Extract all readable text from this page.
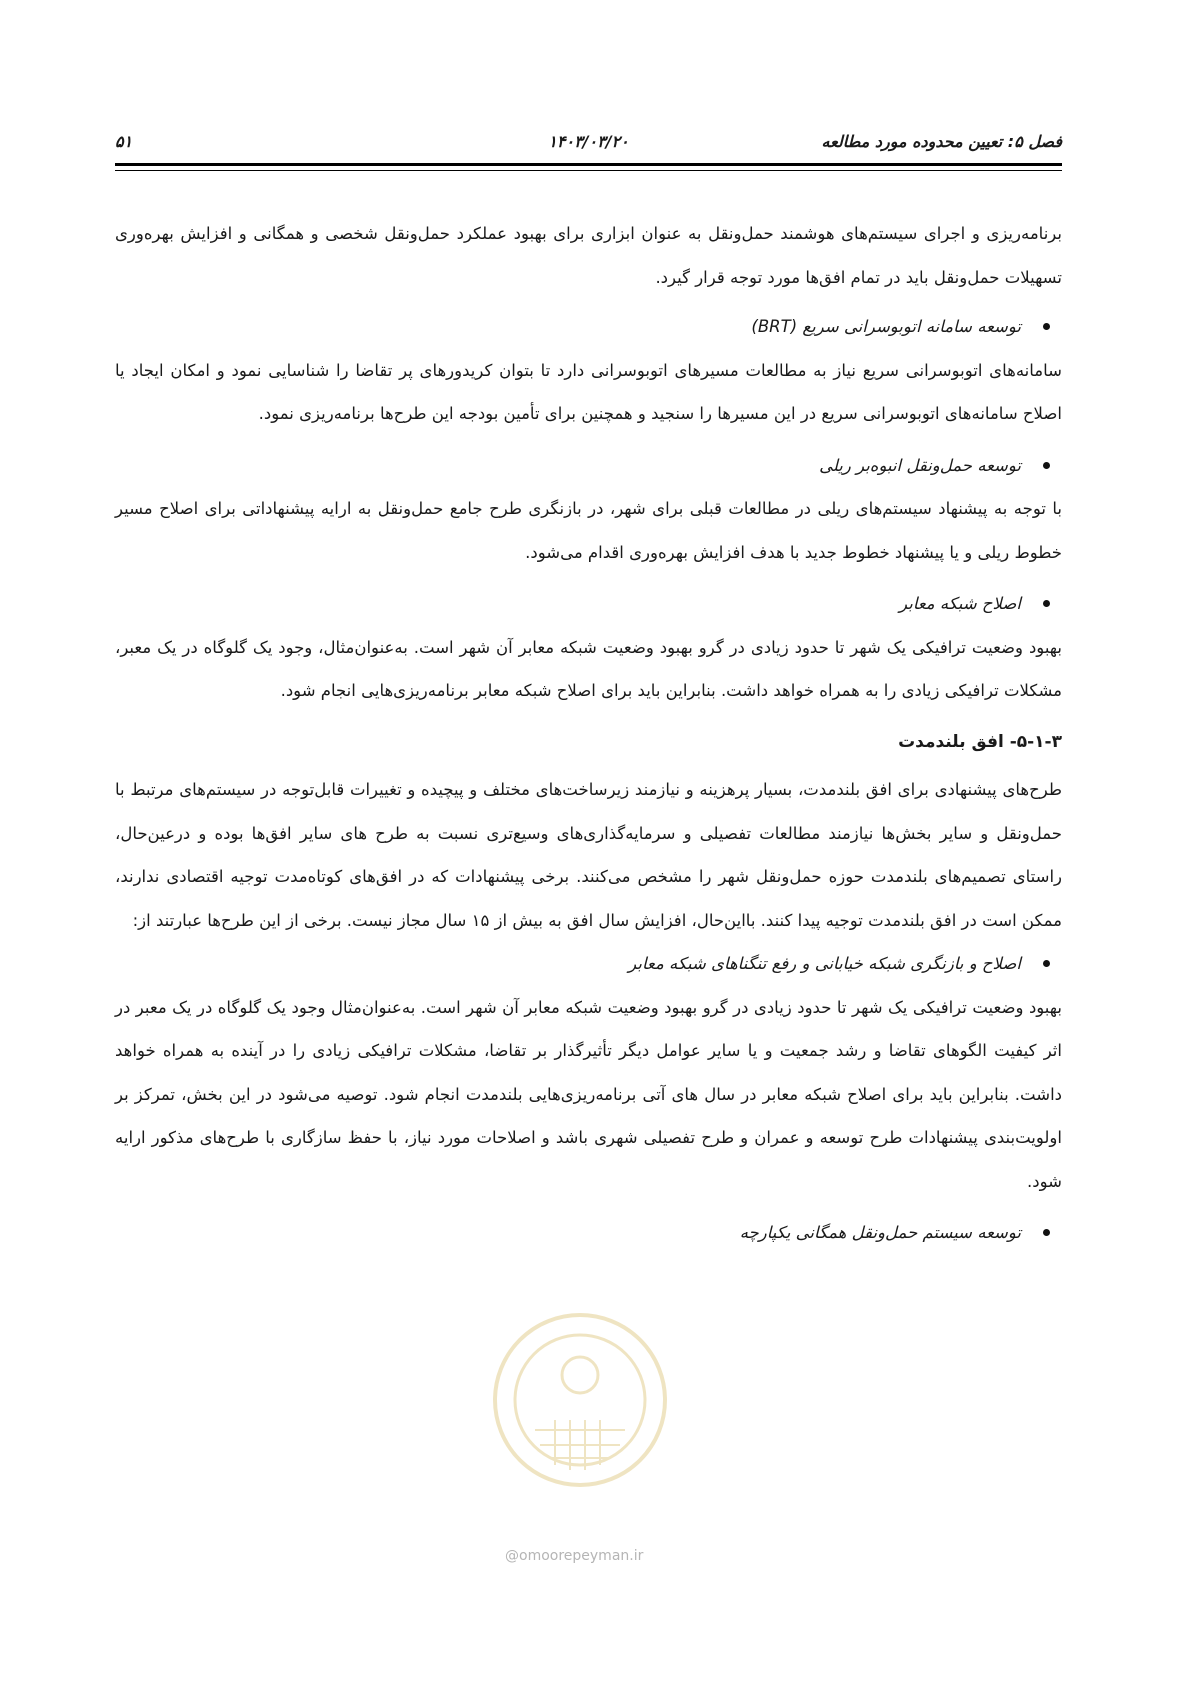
فصل ۵: تعیین محدوده مورد مطالعه
۱۴۰۳/۰۳/۲۰
۵۱

برنامه‌ریزی و اجرای سیستم‌های هوشمند حمل‌ونقل به عنوان ابزاری برای بهبود عملکرد حمل‌ونقل شخصی و همگانی و افزایش بهره‌وری تسهیلات حمل‌ونقل باید در تمام افق‌ها مورد توجه قرار گیرد.

توسعه سامانه اتوبوسرانی سریع (BRT)

سامانه‌های اتوبوسرانی سریع نیاز به مطالعات مسیرهای اتوبوسرانی دارد تا بتوان کریدورهای پر تقاضا را شناسایی نمود و امکان ایجاد یا اصلاح سامانه‌های اتوبوسرانی سریع در این مسیرها را سنجید و همچنین برای تأمین بودجه این طرح‌ها برنامه‌ریزی نمود.

توسعه حمل‌ونقل انبوه‌بر ریلی

با توجه به پیشنهاد سیستم‌های ریلی در مطالعات قبلی برای شهر، در بازنگری طرح جامع حمل‌ونقل به ارایه پیشنهاداتی برای اصلاح مسیر خطوط ریلی و یا پیشنهاد خطوط جدید با هدف افزایش بهره‌وری اقدام می‌شود.

اصلاح شبکه معابر

بهبود وضعیت ترافیکی یک شهر تا حدود زیادی در گرو بهبود وضعیت شبکه معابر آن شهر است. به‌عنوان‌مثال، وجود یک گلوگاه در یک معبر، مشکلات ترافیکی زیادی را به همراه خواهد داشت. بنابراین باید برای اصلاح شبکه معابر برنامه‌ریزی‌هایی انجام شود.

۵-۱-۳- افق بلندمدت

طرح‌های پیشنهادی برای افق بلندمدت، بسیار پرهزینه و نیازمند زیرساخت‌های مختلف و پیچیده و تغییرات قابل‌توجه در سیستم‌های مرتبط با حمل‌ونقل و سایر بخش‌ها نیازمند مطالعات تفصیلی و سرمایه‌گذاری‌های وسیع‌تری نسبت به طرح های سایر افق‌ها بوده و درعین‌حال، راستای تصمیم‌های بلندمدت حوزه حمل‌ونقل شهر را مشخص می‌کنند. برخی پیشنهادات که در افق‌های کوتاه‌مدت توجیه اقتصادی ندارند، ممکن است در افق بلندمدت توجیه پیدا کنند. بااین‌حال، افزایش سال افق به بیش از ۱۵ سال مجاز نیست. برخی از این طرح‌ها عبارتند از:

اصلاح و بازنگری شبکه خیابانی و رفع تنگناهای شبکه معابر

بهبود وضعیت ترافیکی یک شهر تا حدود زیادی در گرو بهبود وضعیت شبکه معابر آن شهر است. به‌عنوان‌مثال وجود یک گلوگاه در یک معبر در اثر کیفیت الگوهای تقاضا و رشد جمعیت و یا سایر عوامل دیگر تأثیرگذار بر تقاضا، مشکلات ترافیکی زیادی را در آینده به همراه خواهد داشت. بنابراین باید برای اصلاح شبکه معابر در سال های آتی برنامه‌ریزی‌هایی بلندمدت انجام شود. توصیه می‌شود در این بخش، تمرکز بر اولویت‌بندی پیشنهادات طرح توسعه و عمران و طرح تفصیلی شهری باشد و اصلاحات مورد نیاز، با حفظ سازگاری با طرح‌های مذکور ارایه شود.

توسعه سیستم حمل‌ونقل همگانی یکپارچه
@omoorepeyman.ir
